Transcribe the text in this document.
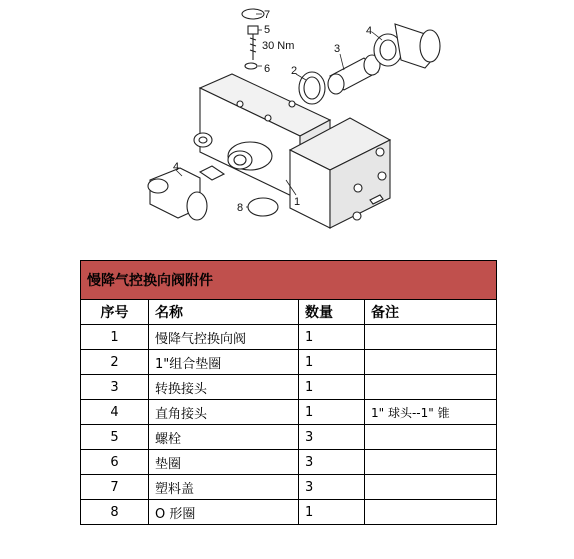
7
5
30 Nm
6 2
3
4
4
8	1
慢降气控换向阀附件			
序号	名称	数量	备注
1	慢降气控换向阀	1	
2	1"组合垫圈	1	
3	转换接头	1	
4	直角接头	1	1" 球头--1" 锥
5	螺栓	3	
6	垫圈	3	
7	塑料盖	3	
8	O 形圈	1	
